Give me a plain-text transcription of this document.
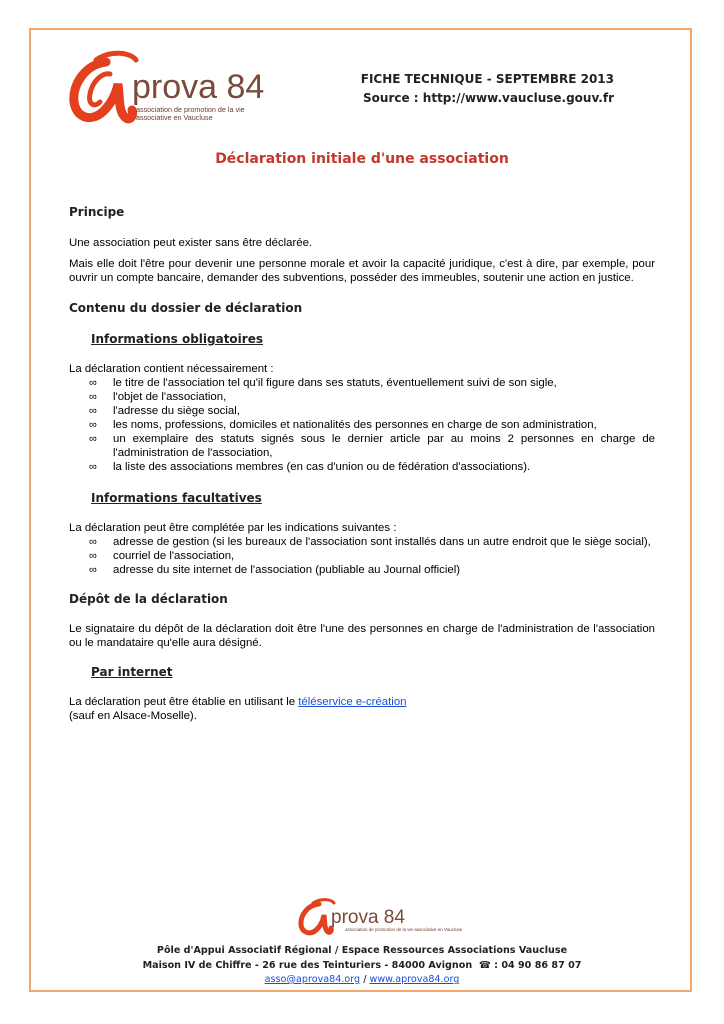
prova 84
association de promotion de la vie associative en Vaucluse
FICHE TECHNIQUE - SEPTEMBRE 2013
Source : http://www.vaucluse.gouv.fr
Déclaration initiale d'une association
Principe

Une association peut exister sans être déclarée.

Mais elle doit l'être pour devenir une personne morale et avoir la capacité juridique, c'est à dire, par exemple, pour ouvrir un compte bancaire, demander des subventions, posséder des immeubles, soutenir une action en justice.

Contenu du dossier de déclaration
Informations obligatoires

La déclaration contient nécessairement :

∞ le titre de l'association tel qu'il figure dans ses statuts, éventuellement suivi de son sigle,
∞ l'objet de l'association,
∞ l'adresse du siège social,
∞ les noms, professions, domiciles et nationalités des personnes en charge de son administration,
∞ un exemplaire des statuts signés sous le dernier article par au moins 2 personnes en charge de l'administration de l'association,
∞ la liste des associations membres (en cas d'union ou de fédération d'associations).
Informations facultatives

La déclaration peut être complétée par les indications suivantes :

∞ adresse de gestion (si les bureaux de l'association sont installés dans un autre endroit que le siège social),
∞ courriel de l'association,
∞ adresse du site internet de l'association (publiable au Journal officiel)
Dépôt de la déclaration

Le signataire du dépôt de la déclaration doit être l'une des personnes en charge de l'administration de l'association ou le mandataire qu'elle aura désigné.

Par internet

La déclaration peut être établie en utilisant le téléservice e-création
(sauf en Alsace-Moselle).

prova 84
association de promotion de la vie associative en Vaucluse
Pôle d'Appui Associatif Régional / Espace Ressources Associations Vaucluse
Maison IV de Chiffre - 26 rue des Teinturiers - 84000 Avignon ☎ : 04 90 86 87 07
asso@aprova84.org / www.aprova84.org
